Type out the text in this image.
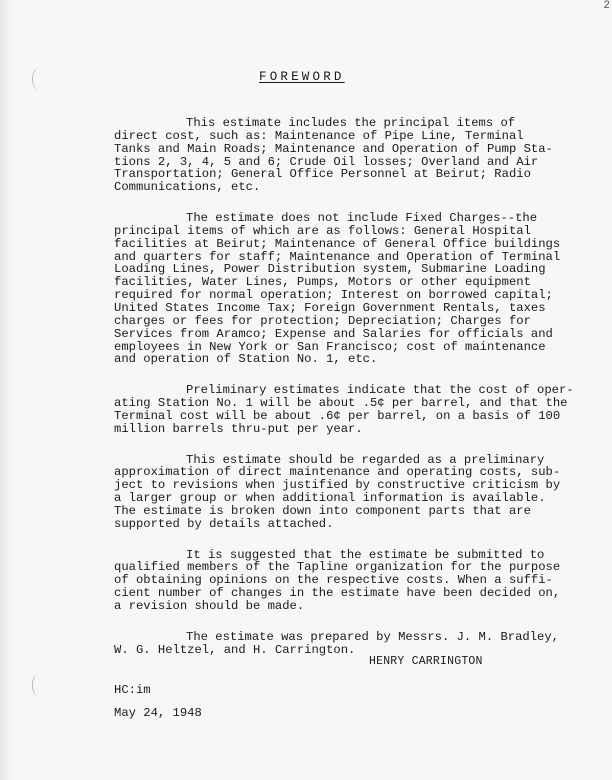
2
FOREWORD

This estimate includes the principal items of
direct cost, such as: Maintenance of Pipe Line, Terminal
Tanks and Main Roads; Maintenance and Operation of Pump Sta-
tions 2, 3, 4, 5 and 6; Crude Oil losses; Overland and Air
Transportation; General Office Personnel at Beirut; Radio
Communications, etc.

The estimate does not include Fixed Charges--the
principal items of which are as follows: General Hospital
facilities at Beirut; Maintenance of General Office buildings
and quarters for staff; Maintenance and Operation of Terminal
Loading Lines, Power Distribution system, Submarine Loading
facilities, Water Lines, Pumps, Motors or other equipment
required for normal operation; Interest on borrowed capital;
United States Income Tax; Foreign Government Rentals, taxes
charges or fees for protection; Depreciation; Charges for
Services from Aramco; Expense and Salaries for officials and
employees in New York or San Francisco; cost of maintenance
and operation of Station No. 1, etc.

Preliminary estimates indicate that the cost of oper-
ating Station No. 1 will be about .5¢ per barrel, and that the
Terminal cost will be about .6¢ per barrel, on a basis of 100
million barrels thru-put per year.

This estimate should be regarded as a preliminary
approximation of direct maintenance and operating costs, sub-
ject to revisions when justified by constructive criticism by
a larger group or when additional information is available.
The estimate is broken down into component parts that are
supported by details attached.

It is suggested that the estimate be submitted to
qualified members of the Tapline organization for the purpose
of obtaining opinions on the respective costs. When a suffi-
cient number of changes in the estimate have been decided on,
a revision should be made.

The estimate was prepared by Messrs. J. M. Bradley,
W. G. Heltzel, and H. Carrington.

HENRY CARRINGTON
HC:im
May 24, 1948
